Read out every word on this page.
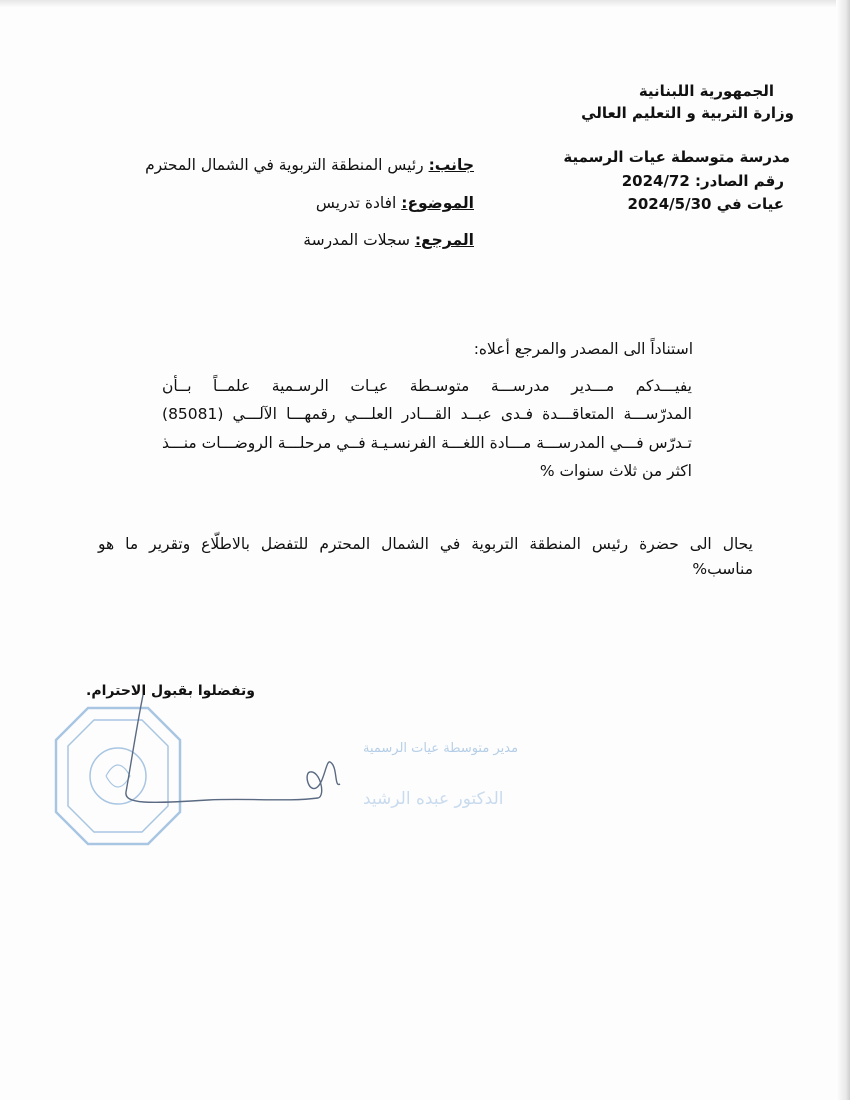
الجمهورية اللبنانية
وزارة التربية و التعليم العالي
مدرسة متوسطة عيات الرسمية
رقم الصادر: 2024/72
عيات في 2024/5/30
جانب: رئيس المنطقة التربوية في الشمال المحترم
الموضوع: افادة تدريس
المرجع: سجلات المدرسة
استناداً الى المصدر والمرجع أعلاه:
يفيـــدكم مـــدير مدرســـة متوسـطة عيـات الرسـمية علمــاً بــأن
المدرّســـة المتعاقـــدة فـدى عبــد القـــادر العلـــي رقمهـــا الآلـــي (85081)
تـدرّس فـــي المدرســـة مـــادة اللغـــة الفرنسـيـة فــي مرحلـــة الروضـــات منـــذ
اكثر من ثلاث سنوات %
يحال الى حضرة رئيس المنطقة التربوية في الشمال المحترم للتفضل بالاطلّاع وتقرير ما هو
مناسب%
وتفضلوا بقبول الاحترام.
مدير متوسطة عيات الرسمية
الدكتور عبده الرشيد
